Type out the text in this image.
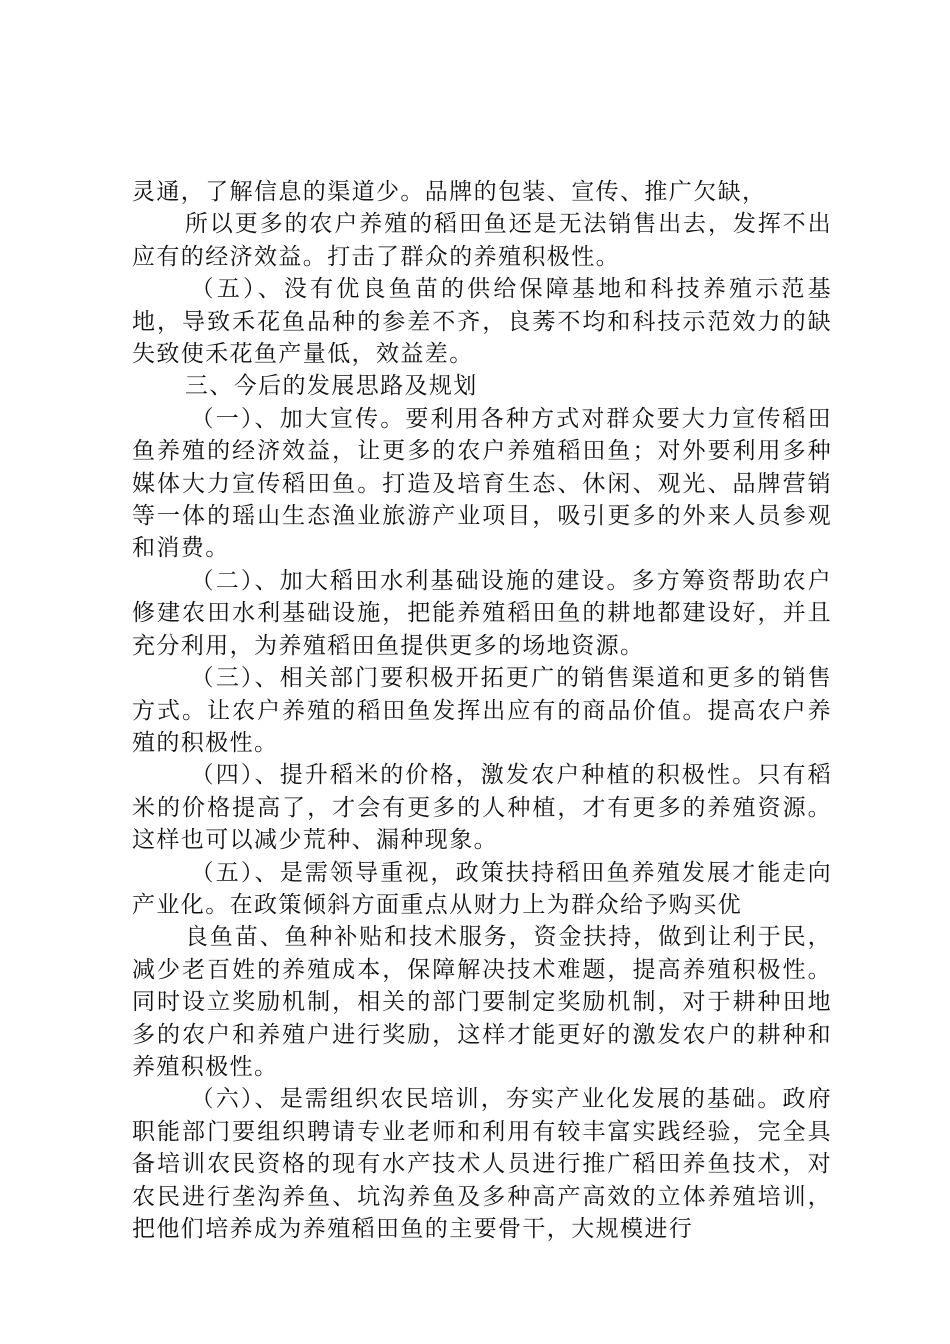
灵通，了解信息的渠道少。品牌的包装、宣传、推广欠缺，

所以更多的农户养殖的稻田鱼还是无法销售出去，发挥不出应有的经济效益。打击了群众的养殖积极性。

（五）、没有优良鱼苗的供给保障基地和科技养殖示范基地，导致禾花鱼品种的参差不齐，良莠不均和科技示范效力的缺失致使禾花鱼产量低，效益差。

三、今后的发展思路及规划

（一）、加大宣传。要利用各种方式对群众要大力宣传稻田鱼养殖的经济效益，让更多的农户养殖稻田鱼；对外要利用多种媒体大力宣传稻田鱼。打造及培育生态、休闲、观光、品牌营销等一体的瑶山生态渔业旅游产业项目，吸引更多的外来人员参观和消费。

（二）、加大稻田水利基础设施的建设。多方筹资帮助农户修建农田水利基础设施，把能养殖稻田鱼的耕地都建设好，并且充分利用，为养殖稻田鱼提供更多的场地资源。

（三）、相关部门要积极开拓更广的销售渠道和更多的销售方式。让农户养殖的稻田鱼发挥出应有的商品价值。提高农户养殖的积极性。

（四）、提升稻米的价格，激发农户种植的积极性。只有稻米的价格提高了，才会有更多的人种植，才有更多的养殖资源。这样也可以减少荒种、漏种现象。

（五）、是需领导重视，政策扶持稻田鱼养殖发展才能走向产业化。在政策倾斜方面重点从财力上为群众给予购买优

良鱼苗、鱼种补贴和技术服务，资金扶持，做到让利于民，减少老百姓的养殖成本，保障解决技术难题，提高养殖积极性。同时设立奖励机制，相关的部门要制定奖励机制，对于耕种田地多的农户和养殖户进行奖励，这样才能更好的激发农户的耕种和养殖积极性。

（六）、是需组织农民培训，夯实产业化发展的基础。政府职能部门要组织聘请专业老师和利用有较丰富实践经验，完全具备培训农民资格的现有水产技术人员进行推广稻田养鱼技术，对农民进行垄沟养鱼、坑沟养鱼及多种高产高效的立体养殖培训，把他们培养成为养殖稻田鱼的主要骨干，大规模进行
